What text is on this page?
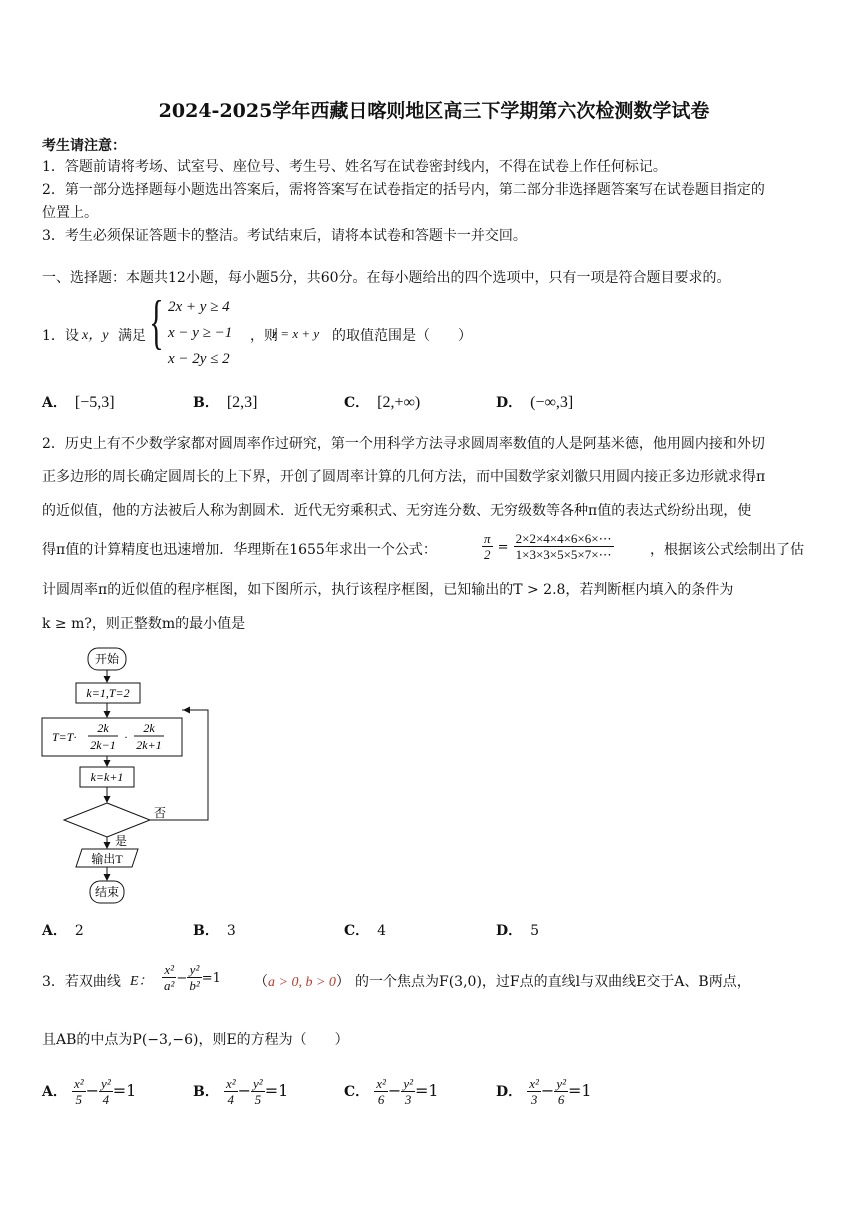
2024-2025学年西藏日喀则地区高三下学期第六次检测数学试卷
考生请注意：
1．答题前请将考场、试室号、座位号、考生号、姓名写在试卷密封线内，不得在试卷上作任何标记。
2．第一部分选择题每小题选出答案后，需将答案写在试卷指定的括号内，第二部分非选择题答案写在试卷题目指定的
位置上。
3．考生必须保证答题卡的整洁。考试结束后，请将本试卷和答题卡一并交回。
一、选择题：本题共12小题，每小题5分，共60分。在每小题给出的四个选项中，只有一项是符合题目要求的。
1．设 x，y 满足 { 2x + y ≥ 4
x − y ≥ −1
x − 2y ≤ 2
，则
z = x + y 的取值范围是（　　）
A． [−5,3]	B． [2,3]	C． [2,+∞)	D． (−∞,3]
2．历史上有不少数学家都对圆周率作过研究，第一个用科学方法寻求圆周率数值的人是阿基米德，他用圆内接和外切
正多边形的周长确定圆周长的上下界，开创了圆周率计算的几何方法，而中国数学家刘徽只用圆内接正多边形就求得π
的近似值，他的方法被后人称为割圆术．近代无穷乘积式、无穷连分数、无穷级数等各种π值的表达式纷纷出现，使
得π值的计算精度也迅速增加．华理斯在1655年求出一个公式：	$\frac{\pi}{2} = \frac{2\times 2\times 4\times 4\times 6\times 6\times\cdots}{1\times 3\times 3\times 5\times 5\times 7\times\cdots}$	，根据该公式绘制出了估
计圆周率π的近似值的程序框图，如下图所示，执行该程序框图，已知输出的T > 2.8，若判断框内填入的条件为
k ≥ m?，则正整数m的最小值是
开始
k=1,T=2
T=T·
2k
2k−1
·
2k
2k+1
k=k+1
否
是
输出T
结束
A． 2	B． 3	C． 4	D． 5
3．若双曲线 E： $\frac{\text{x²}}{\text{a²}} - \frac{\text{y²}}{\text{b²}} =1$ （a > 0, b > 0） 的一个焦点为F(3,0)，过F点的直线l与双曲线E交于A、B两点，
且AB的中点为P(−3,−6)，则E的方程为（　　）
A． $\frac{\text{x²}}{5} - \frac{\text{y²}}{4} =1$	B． $\frac{\text{x²}}{4} - \frac{\text{y²}}{5} =1$	C． $\frac{\text{x²}}{6} - \frac{\text{y²}}{3} =1$	D． $\frac{\text{x²}}{3} - \frac{\text{y²}}{6} =1$
